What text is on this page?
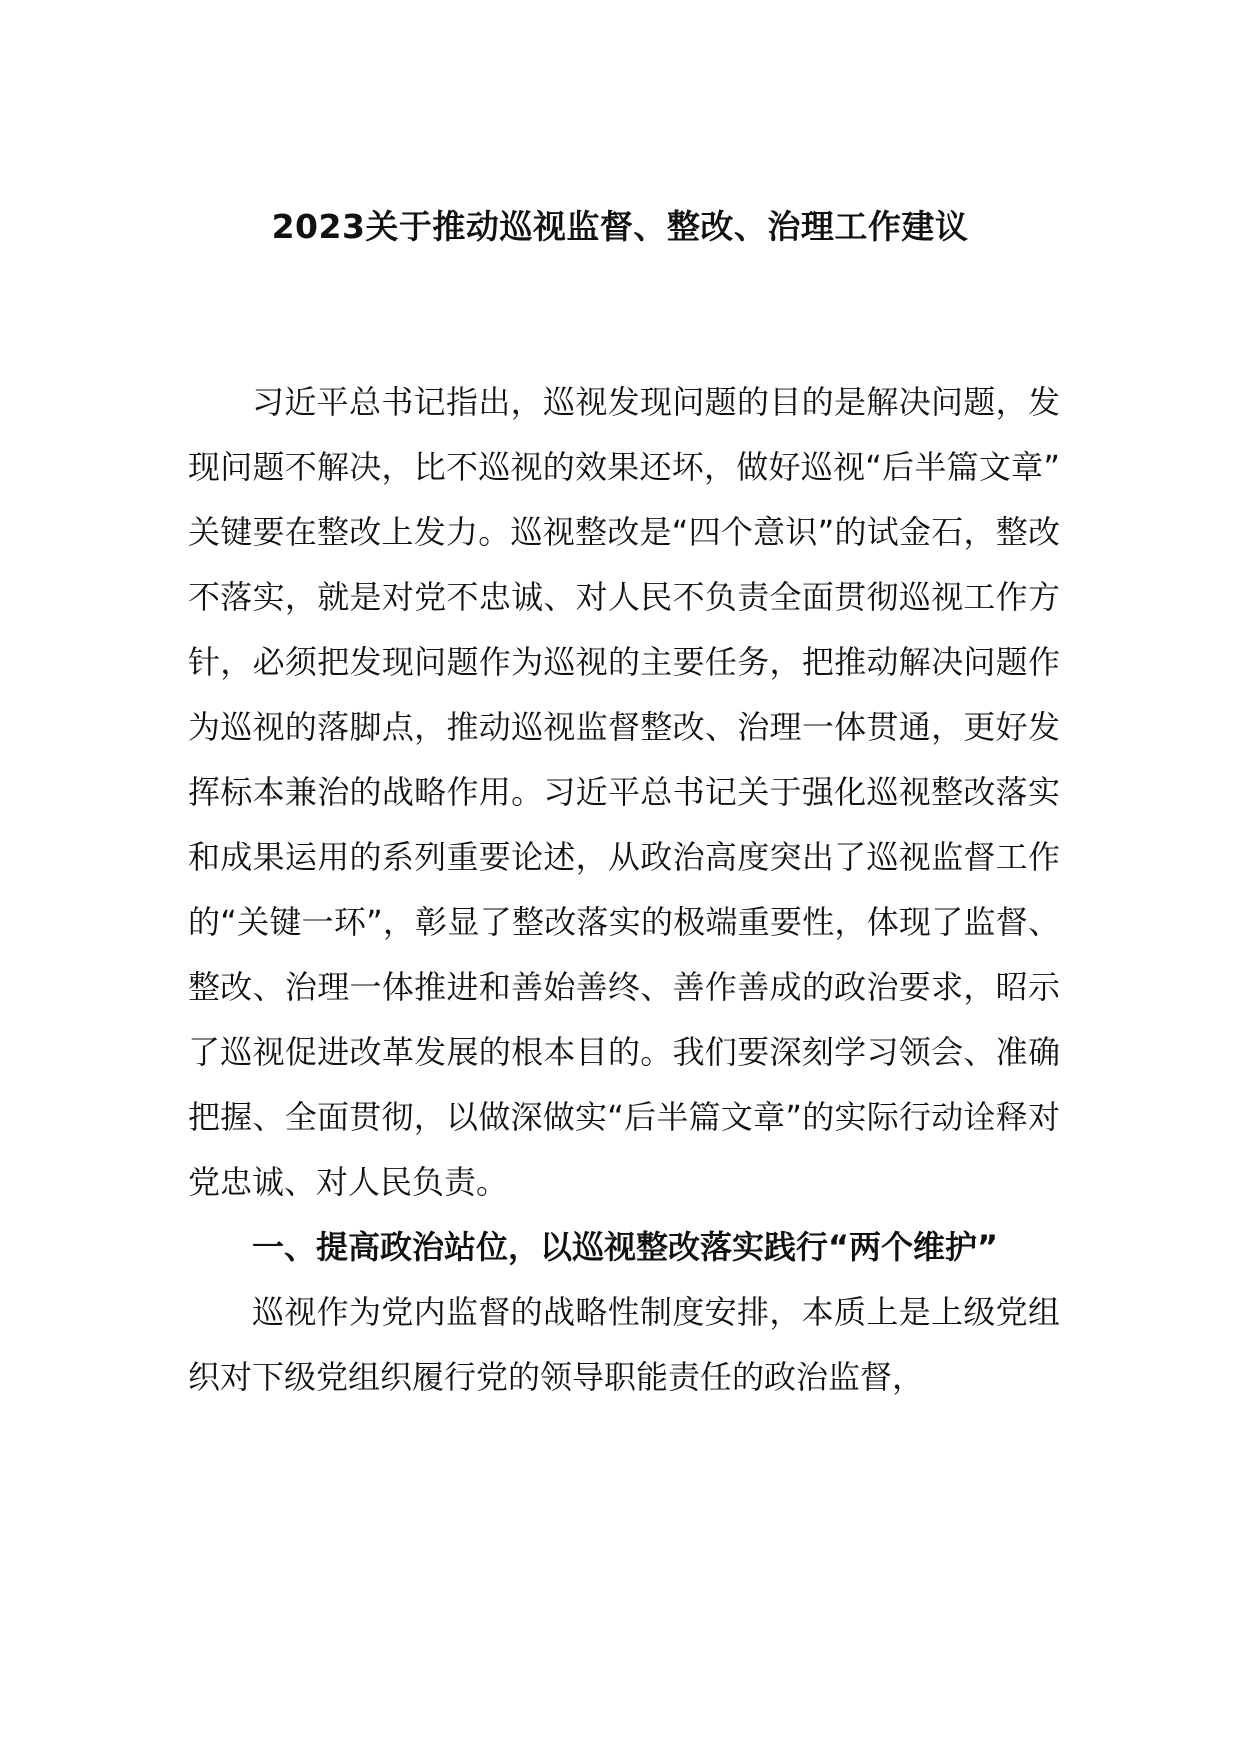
2023关于推动巡视监督、整改、治理工作建议

习近平总书记指出，巡视发现问题的目的是解决问题，发现问题不解决，比不巡视的效果还坏，做好巡视“后半篇文章”关键要在整改上发力。巡视整改是“四个意识”的试金石，整改不落实，就是对党不忠诚、对人民不负责全面贯彻巡视工作方针，必须把发现问题作为巡视的主要任务，把推动解决问题作为巡视的落脚点，推动巡视监督整改、治理一体贯通，更好发挥标本兼治的战略作用。习近平总书记关于强化巡视整改落实和成果运用的系列重要论述，从政治高度突出了巡视监督工作的“关键一环”，彰显了整改落实的极端重要性，体现了监督、整改、治理一体推进和善始善终、善作善成的政治要求，昭示了巡视促进改革发展的根本目的。我们要深刻学习领会、准确把握、全面贯彻，以做深做实“后半篇文章”的实际行动诠释对党忠诚、对人民负责。

一、提高政治站位，以巡视整改落实践行“两个维护”

巡视作为党内监督的战略性制度安排，本质上是上级党组织对下级党组织履行党的领导职能责任的政治监督，
